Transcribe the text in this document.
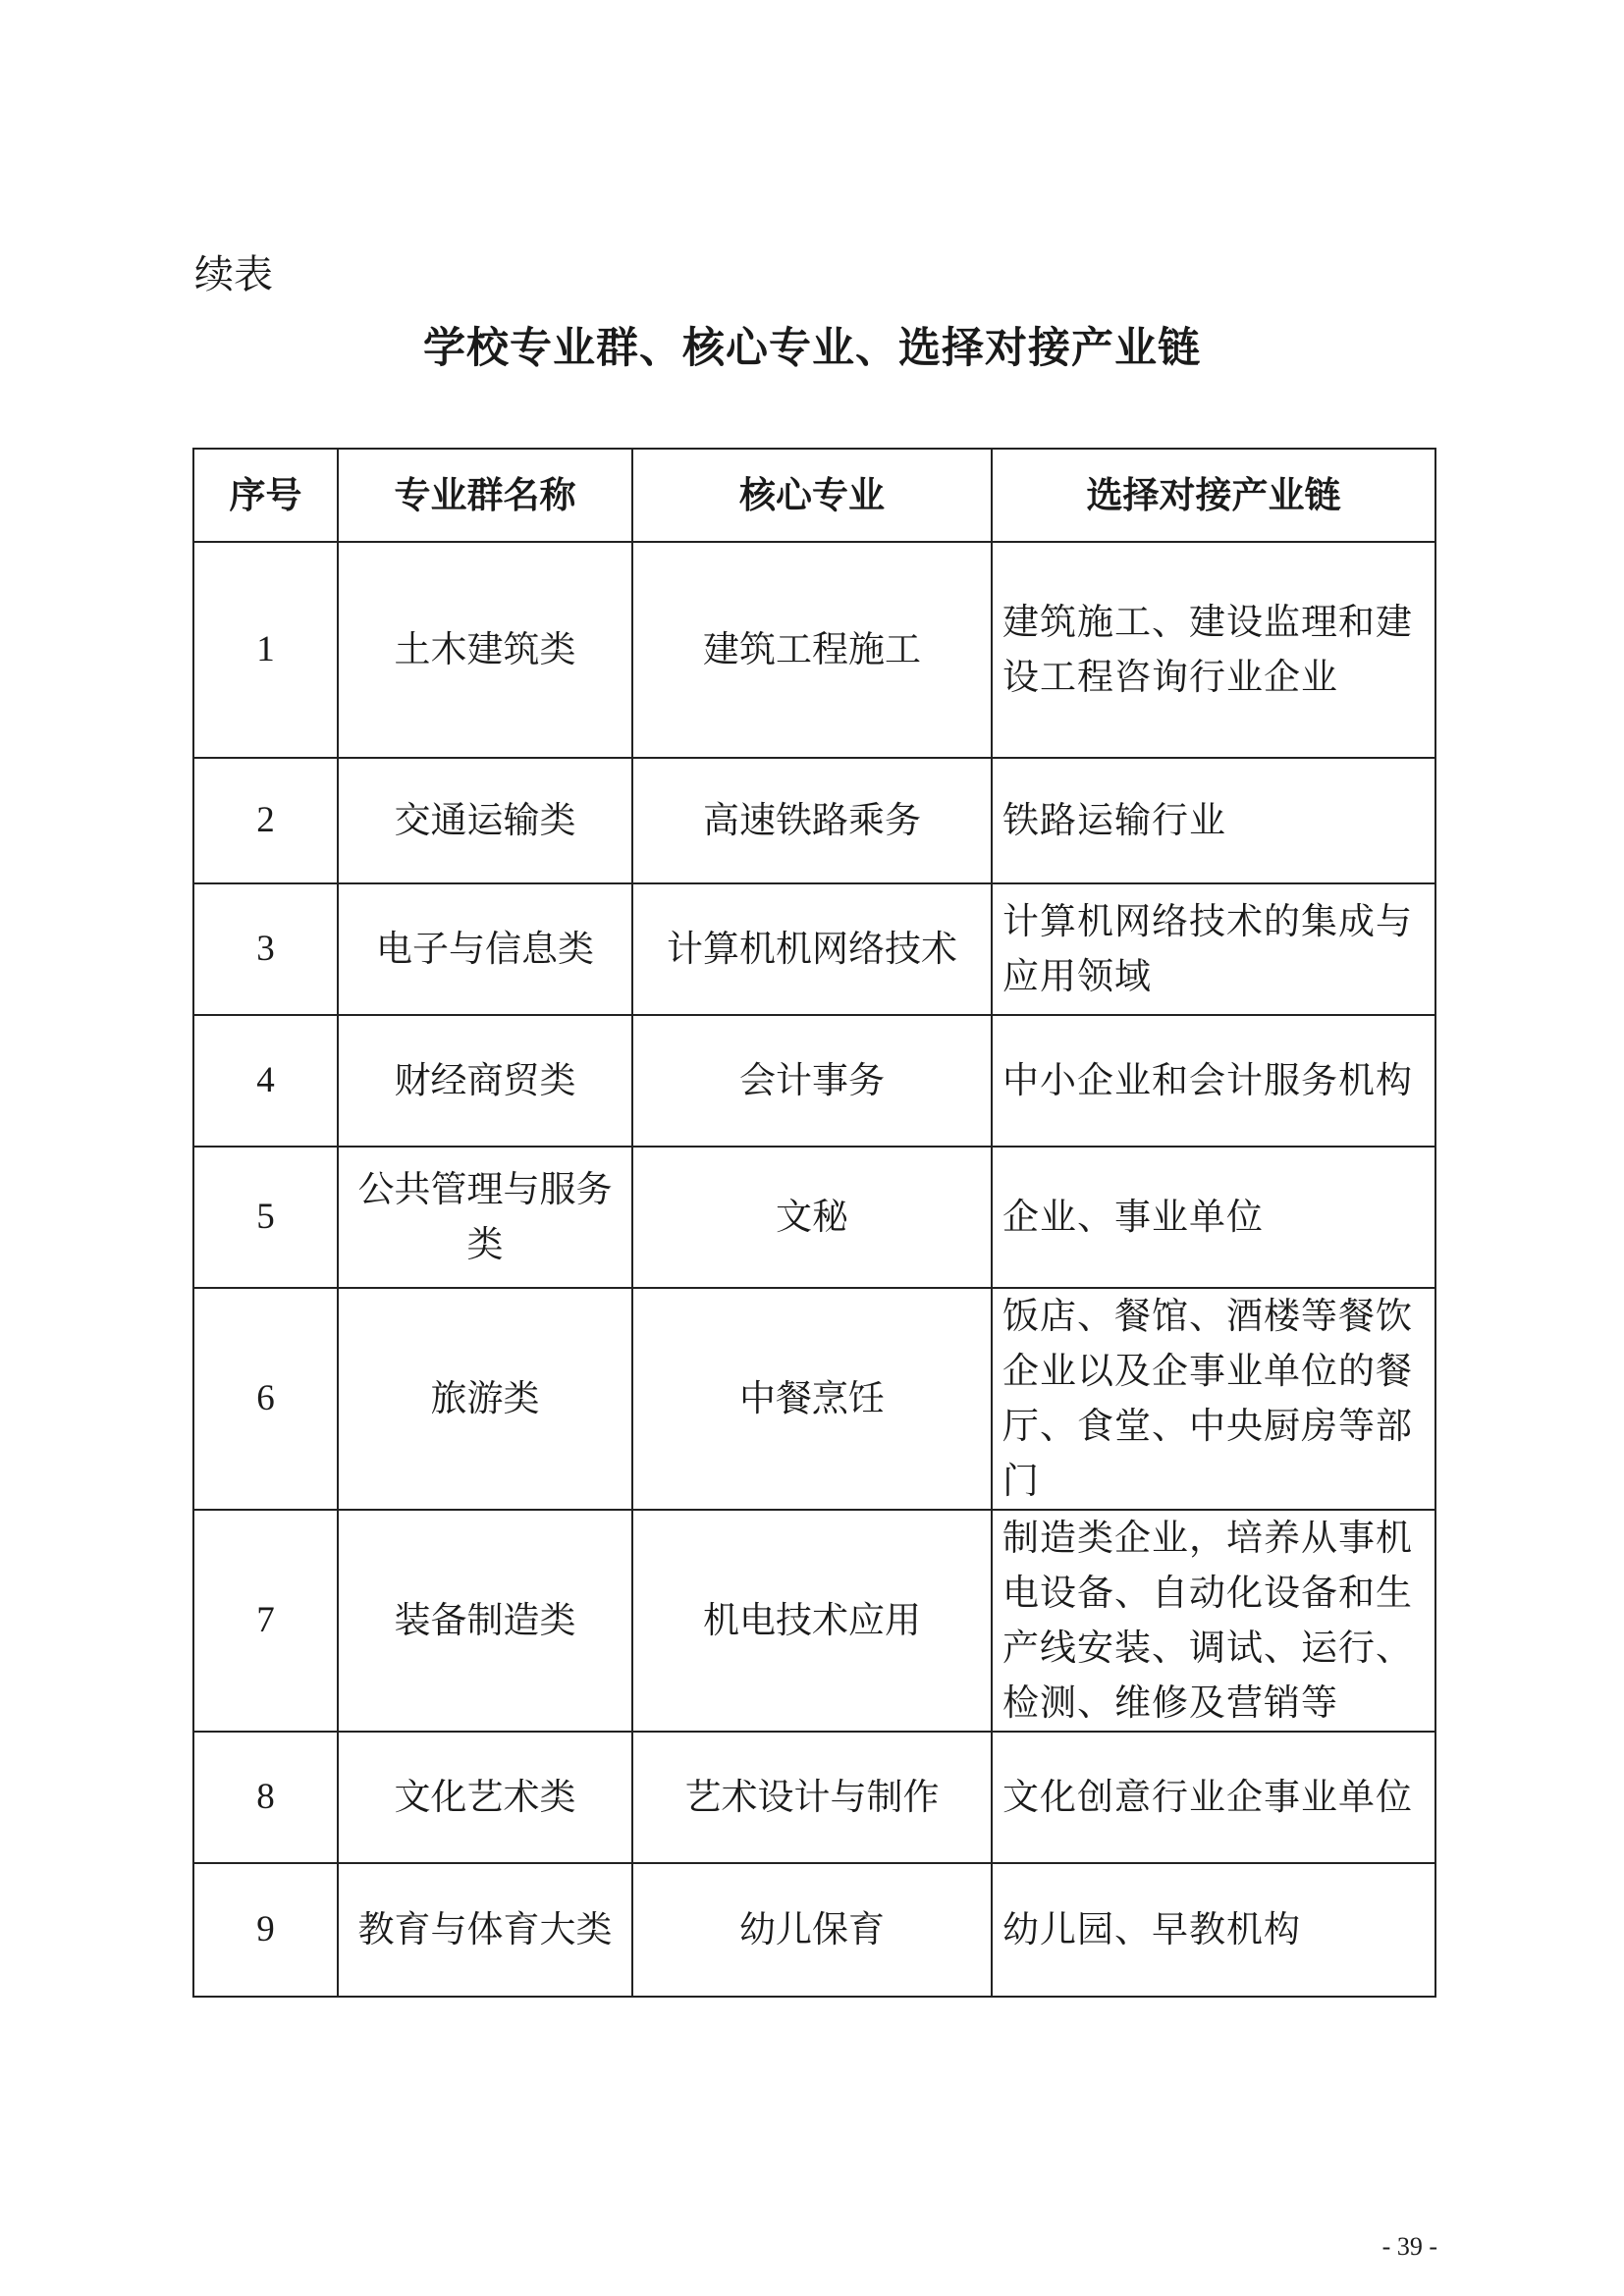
续表
学校专业群、核心专业、选择对接产业链
序号	专业群名称	核心专业	选择对接产业链
1	土木建筑类	建筑工程施工	建筑施工、建设监理和建设工程咨询行业企业
2	交通运输类	高速铁路乘务	铁路运输行业
3	电子与信息类	计算机机网络技术	计算机网络技术的集成与应用领域
4	财经商贸类	会计事务	中小企业和会计服务机构
5	公共管理与服务类	文秘	企业、事业单位
6	旅游类	中餐烹饪	饭店、餐馆、酒楼等餐饮企业以及企事业单位的餐厅、食堂、中央厨房等部门
7	装备制造类	机电技术应用	制造类企业，培养从事机电设备、自动化设备和生产线安装、调试、运行、检测、维修及营销等
8	文化艺术类	艺术设计与制作	文化创意行业企事业单位
9	教育与体育大类	幼儿保育	幼儿园、早教机构
- 39 -
